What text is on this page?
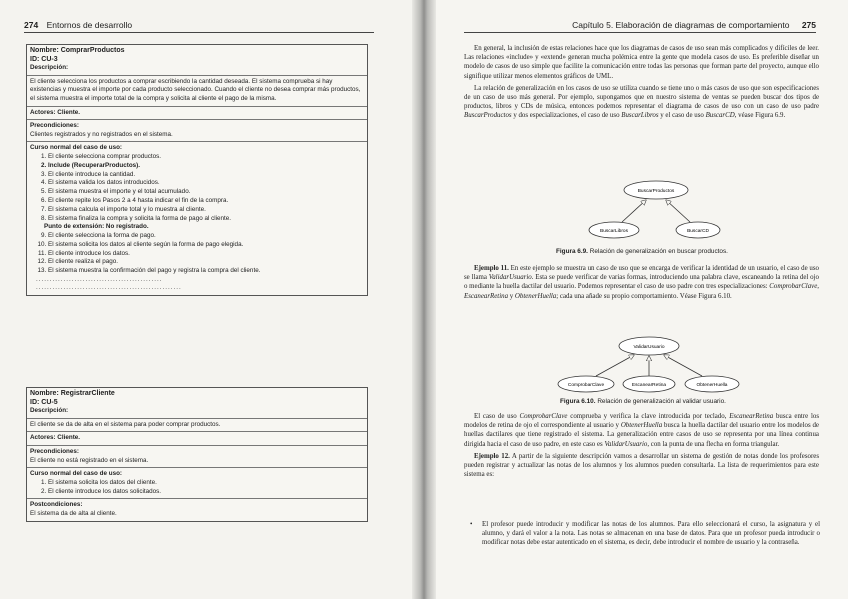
274 Entornos de desarrollo
Nombre: ComprarProductos
ID: CU-3
Descripción:
El cliente selecciona los productos a comprar escribiendo la cantidad deseada. El sistema comprueba si hay existencias y muestra el importe por cada producto seleccionado. Cuando el cliente no desea comprar más productos, el sistema muestra el importe total de la compra y solicita al cliente el pago de la misma.
Actores: Cliente.
Precondiciones:
Clientes registrados y no registrados en el sistema.
Curso normal del caso de uso:
1. El cliente selecciona comprar productos.
2. Include (RecuperarProductos).
3. El cliente introduce la cantidad.
4. El sistema valida los datos introducidos.
5. El sistema muestra el importe y el total acumulado.
6. El cliente repite los Pasos 2 a 4 hasta indicar el fin de la compra.
7. El sistema calcula el importe total y lo muestra al cliente.
8. El sistema finaliza la compra y solicita la forma de pago al cliente.
Punto de extensión: No registrado.
9. El cliente selecciona la forma de pago.
10. El sistema solicita los datos al cliente según la forma de pago elegida.
11. El cliente introduce los datos.
12. El cliente realiza el pago.
13. El sistema muestra la confirmación del pago y registra la compra del cliente.
..............................................
.....................................................
Nombre: RegistrarCliente
ID: CU-5
Descripción:
El cliente se da de alta en el sistema para poder comprar productos.
Actores: Cliente.
Precondiciones:
El cliente no está registrado en el sistema.
Curso normal del caso de uso:
1. El sistema solicita los datos del cliente.
2. El cliente introduce los datos solicitados.
Postcondiciones:
El sistema da de alta al cliente.
Capítulo 5. Elaboración de diagramas de comportamiento 275

En general, la inclusión de estas relaciones hace que los diagramas de casos de uso sean más complicados y difíciles de leer. Las relaciones «include» y «extend» generan mucha polémica entre la gente que modela casos de uso. Es preferible diseñar un modelo de casos de uso simple que facilite la comunicación entre todas las personas que forman parte del proyecto, aunque ello signifique utilizar menos elementos gráficos de UML.

La relación de generalización en los casos de uso se utiliza cuando se tiene uno o más casos de uso que son especificaciones de un caso de uso más general. Por ejemplo, supongamos que en nuestro sistema de ventas se pueden buscar dos tipos de productos, libros y CDs de música, entonces podemos representar el diagrama de casos de uso con un caso de uso padre BuscarProductos y dos especializaciones, el caso de uso BuscarLibros y el caso de uso BuscarCD, véase Figura 6.9.

BuscarProductos
BuscarLibros	BuscarCD
Figura 6.9. Relación de generalización en buscar productos.

Ejemplo 11. En este ejemplo se muestra un caso de uso que se encarga de verificar la identidad de un usuario, el caso de uso se llama ValidarUsuario. Esta se puede verificar de varias formas, introduciendo una palabra clave, escaneando la retina del ojo o mediante la huella dactilar del usuario. Podemos representar el caso de uso padre con tres especializaciones: ComprobarClave, EscanearRetina y ObtenerHuella; cada una añade su propio comportamiento. Véase Figura 6.10.

ValidarUsuario
ComprobarClave	EscanearRetina	ObtenerHuella
Figura 6.10. Relación de generalización al validar usuario.

El caso de uso ComprobarClave comprueba y verifica la clave introducida por teclado, EscanearRetina busca entre los modelos de retina de ojo el correspondiente al usuario y ObtenerHuella busca la huella dactilar del usuario entre los modelos de huellas dactilares que tiene registrado el sistema. La generalización entre casos de uso se representa por una línea continua dirigida hacia el caso de uso padre, en este caso es ValidarUsuario, con la punta de una flecha en forma triangular.

Ejemplo 12. A partir de la siguiente descripción vamos a desarrollar un sistema de gestión de notas donde los profesores pueden registrar y actualizar las notas de los alumnos y los alumnos pueden consultarla. La lista de requerimientos para este sistema es:

• El profesor puede introducir y modificar las notas de los alumnos. Para ello seleccionará el curso, la asignatura y el alumno, y dará el valor a la nota. Las notas se almacenan en una base de datos. Para que un profesor pueda introducir o modificar notas debe estar autenticado en el sistema, es decir, debe introducir el nombre de usuario y la contraseña.
